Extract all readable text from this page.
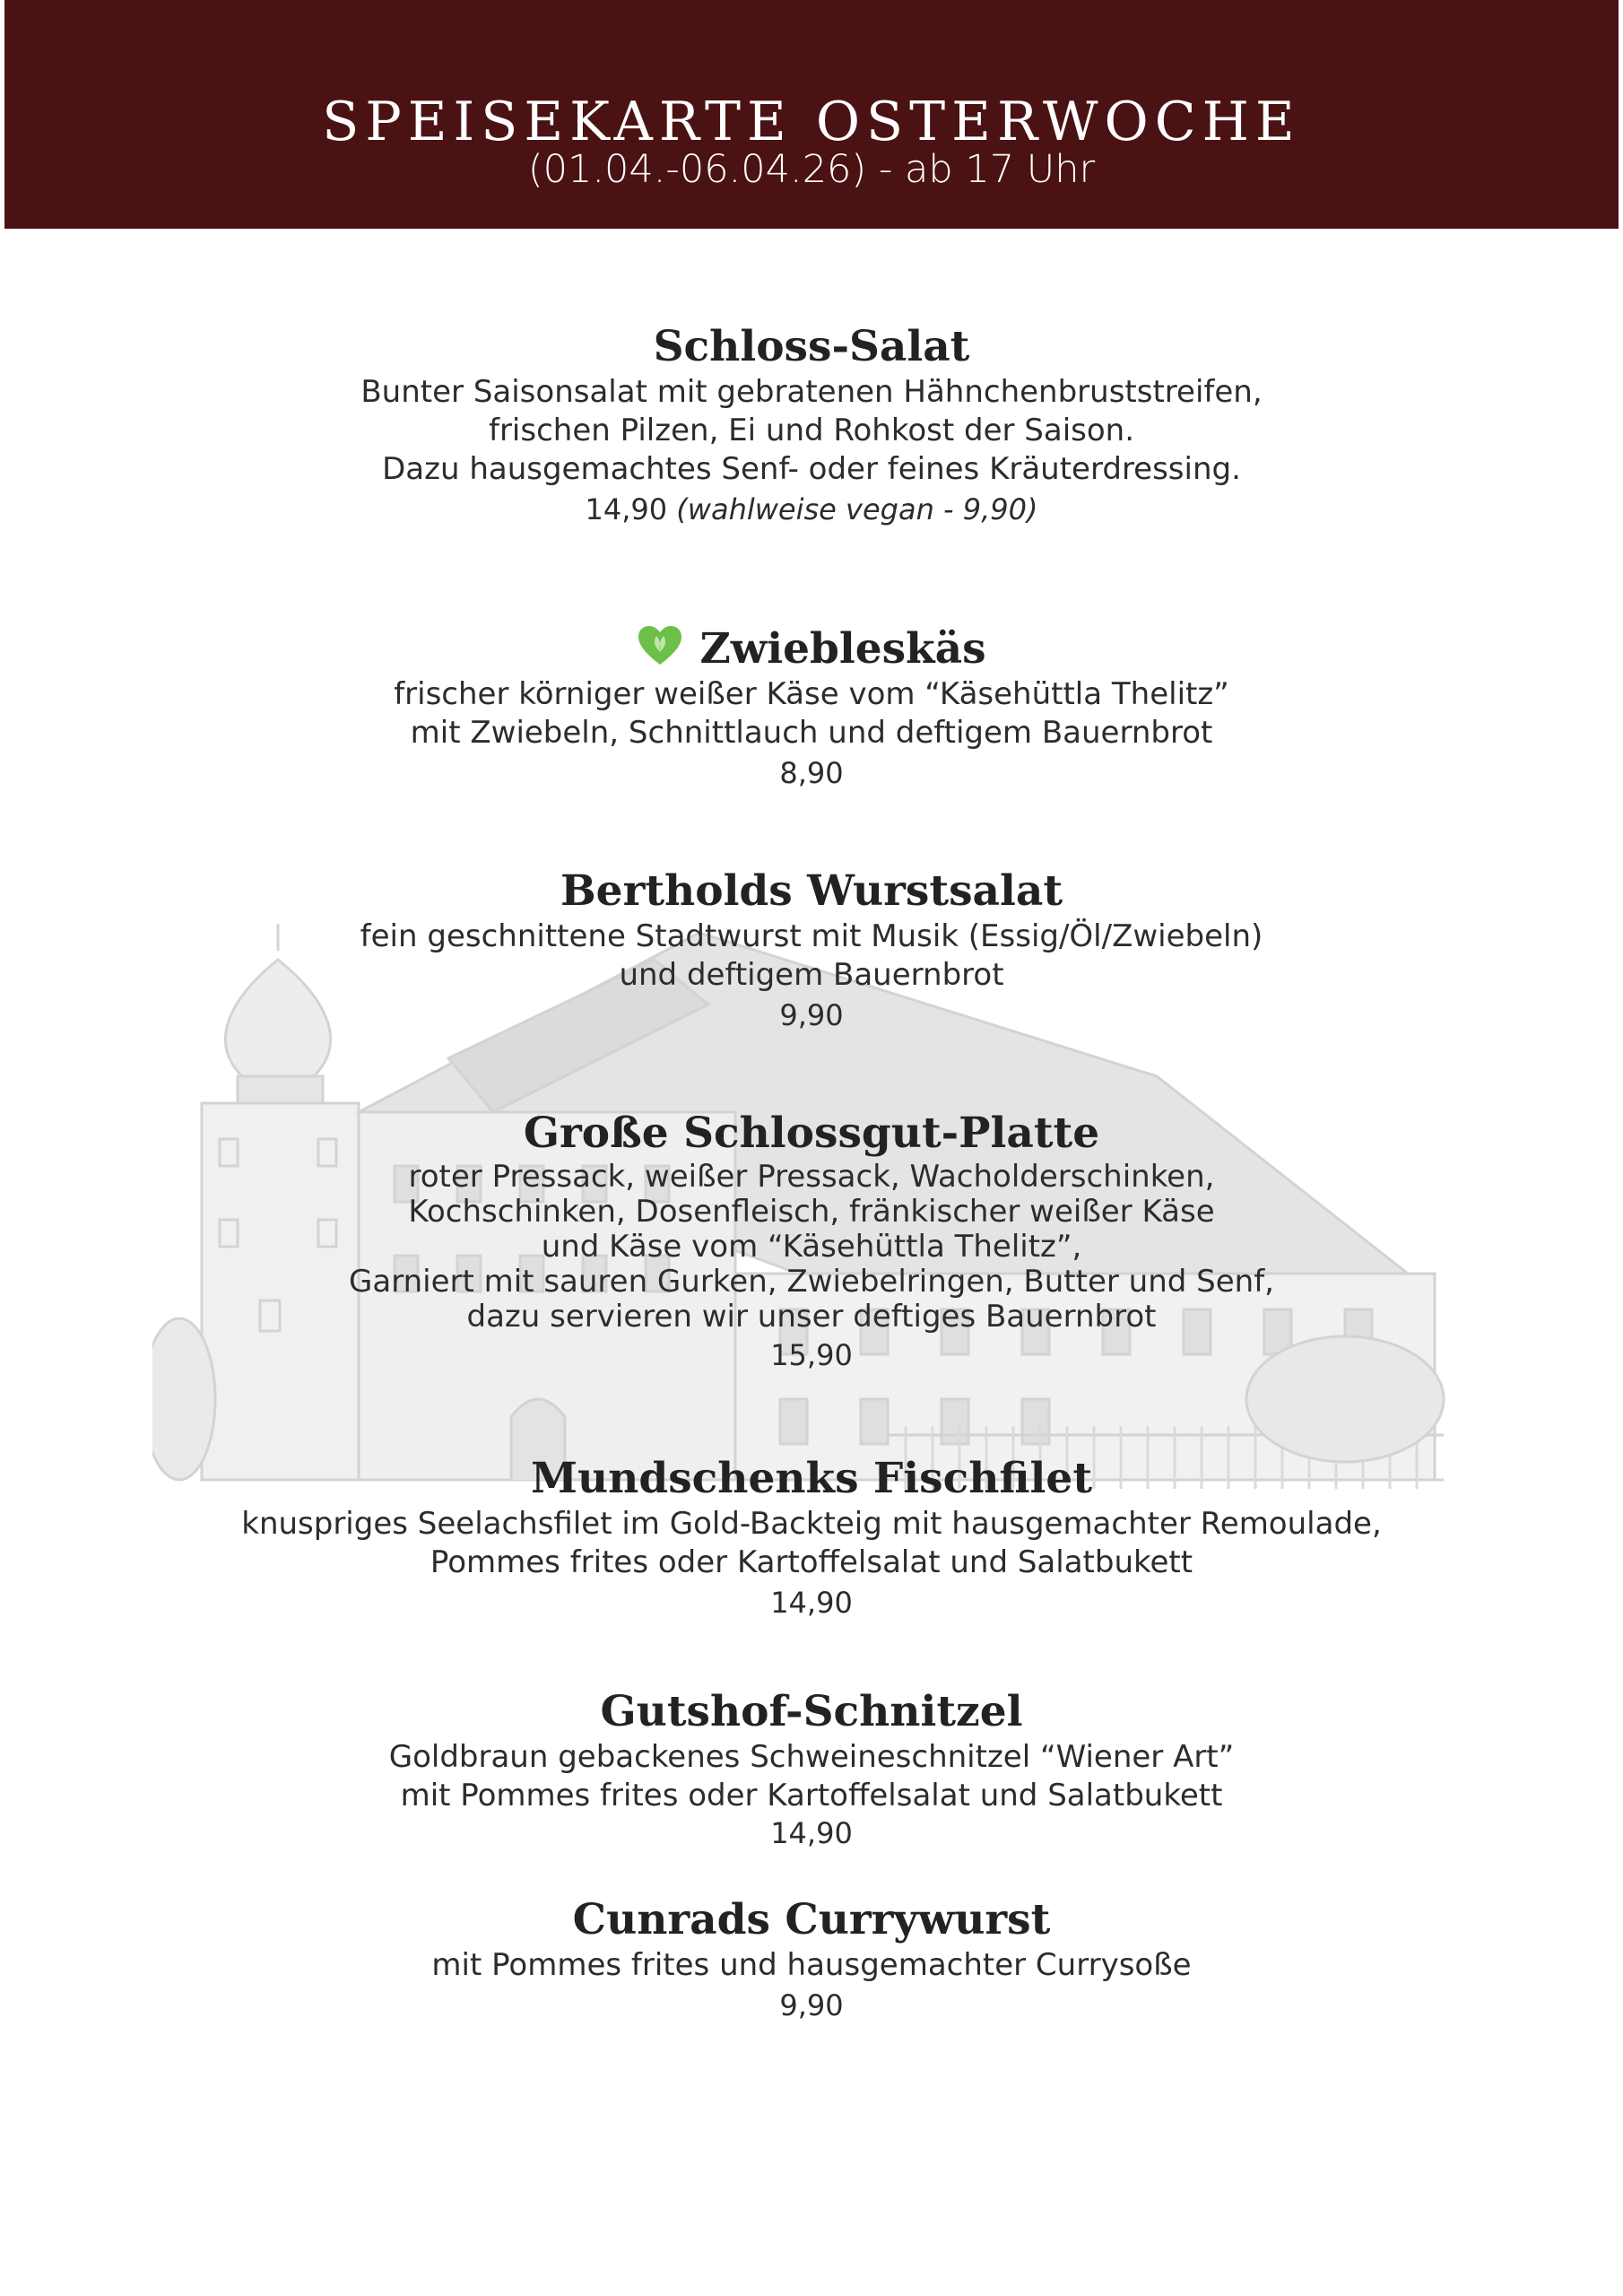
SPEISEKARTE OSTERWOCHE
(01.04.-06.04.26) - ab 17 Uhr
Schloss-Salat
Bunter Saisonsalat mit gebratenen Hähnchenbruststreifen,
frischen Pilzen, Ei und Rohkost der Saison.
Dazu hausgemachtes Senf- oder feines Kräuterdressing.
14,90 (wahlweise vegan - 9,90)
Zwiebleskäs
frischer körniger weißer Käse vom “Käsehüttla Thelitz”
mit Zwiebeln, Schnittlauch und deftigem Bauernbrot
8,90
Bertholds Wurstsalat
fein geschnittene Stadtwurst mit Musik (Essig/Öl/Zwiebeln)
und deftigem Bauernbrot
9,90
Große Schlossgut-Platte
roter Pressack, weißer Pressack, Wacholderschinken,
Kochschinken, Dosenfleisch, fränkischer weißer Käse
und Käse vom “Käsehüttla Thelitz”,
Garniert mit sauren Gurken, Zwiebelringen, Butter und Senf,
dazu servieren wir unser deftiges Bauernbrot
15,90
Mundschenks Fischfilet
knuspriges Seelachsfilet im Gold-Backteig mit hausgemachter Remoulade,
Pommes frites oder Kartoffelsalat und Salatbukett
14,90
Gutshof-Schnitzel
Goldbraun gebackenes Schweineschnitzel “Wiener Art”
mit Pommes frites oder Kartoffelsalat und Salatbukett
14,90
Cunrads Currywurst
mit Pommes frites und hausgemachter Currysoße
9,90
